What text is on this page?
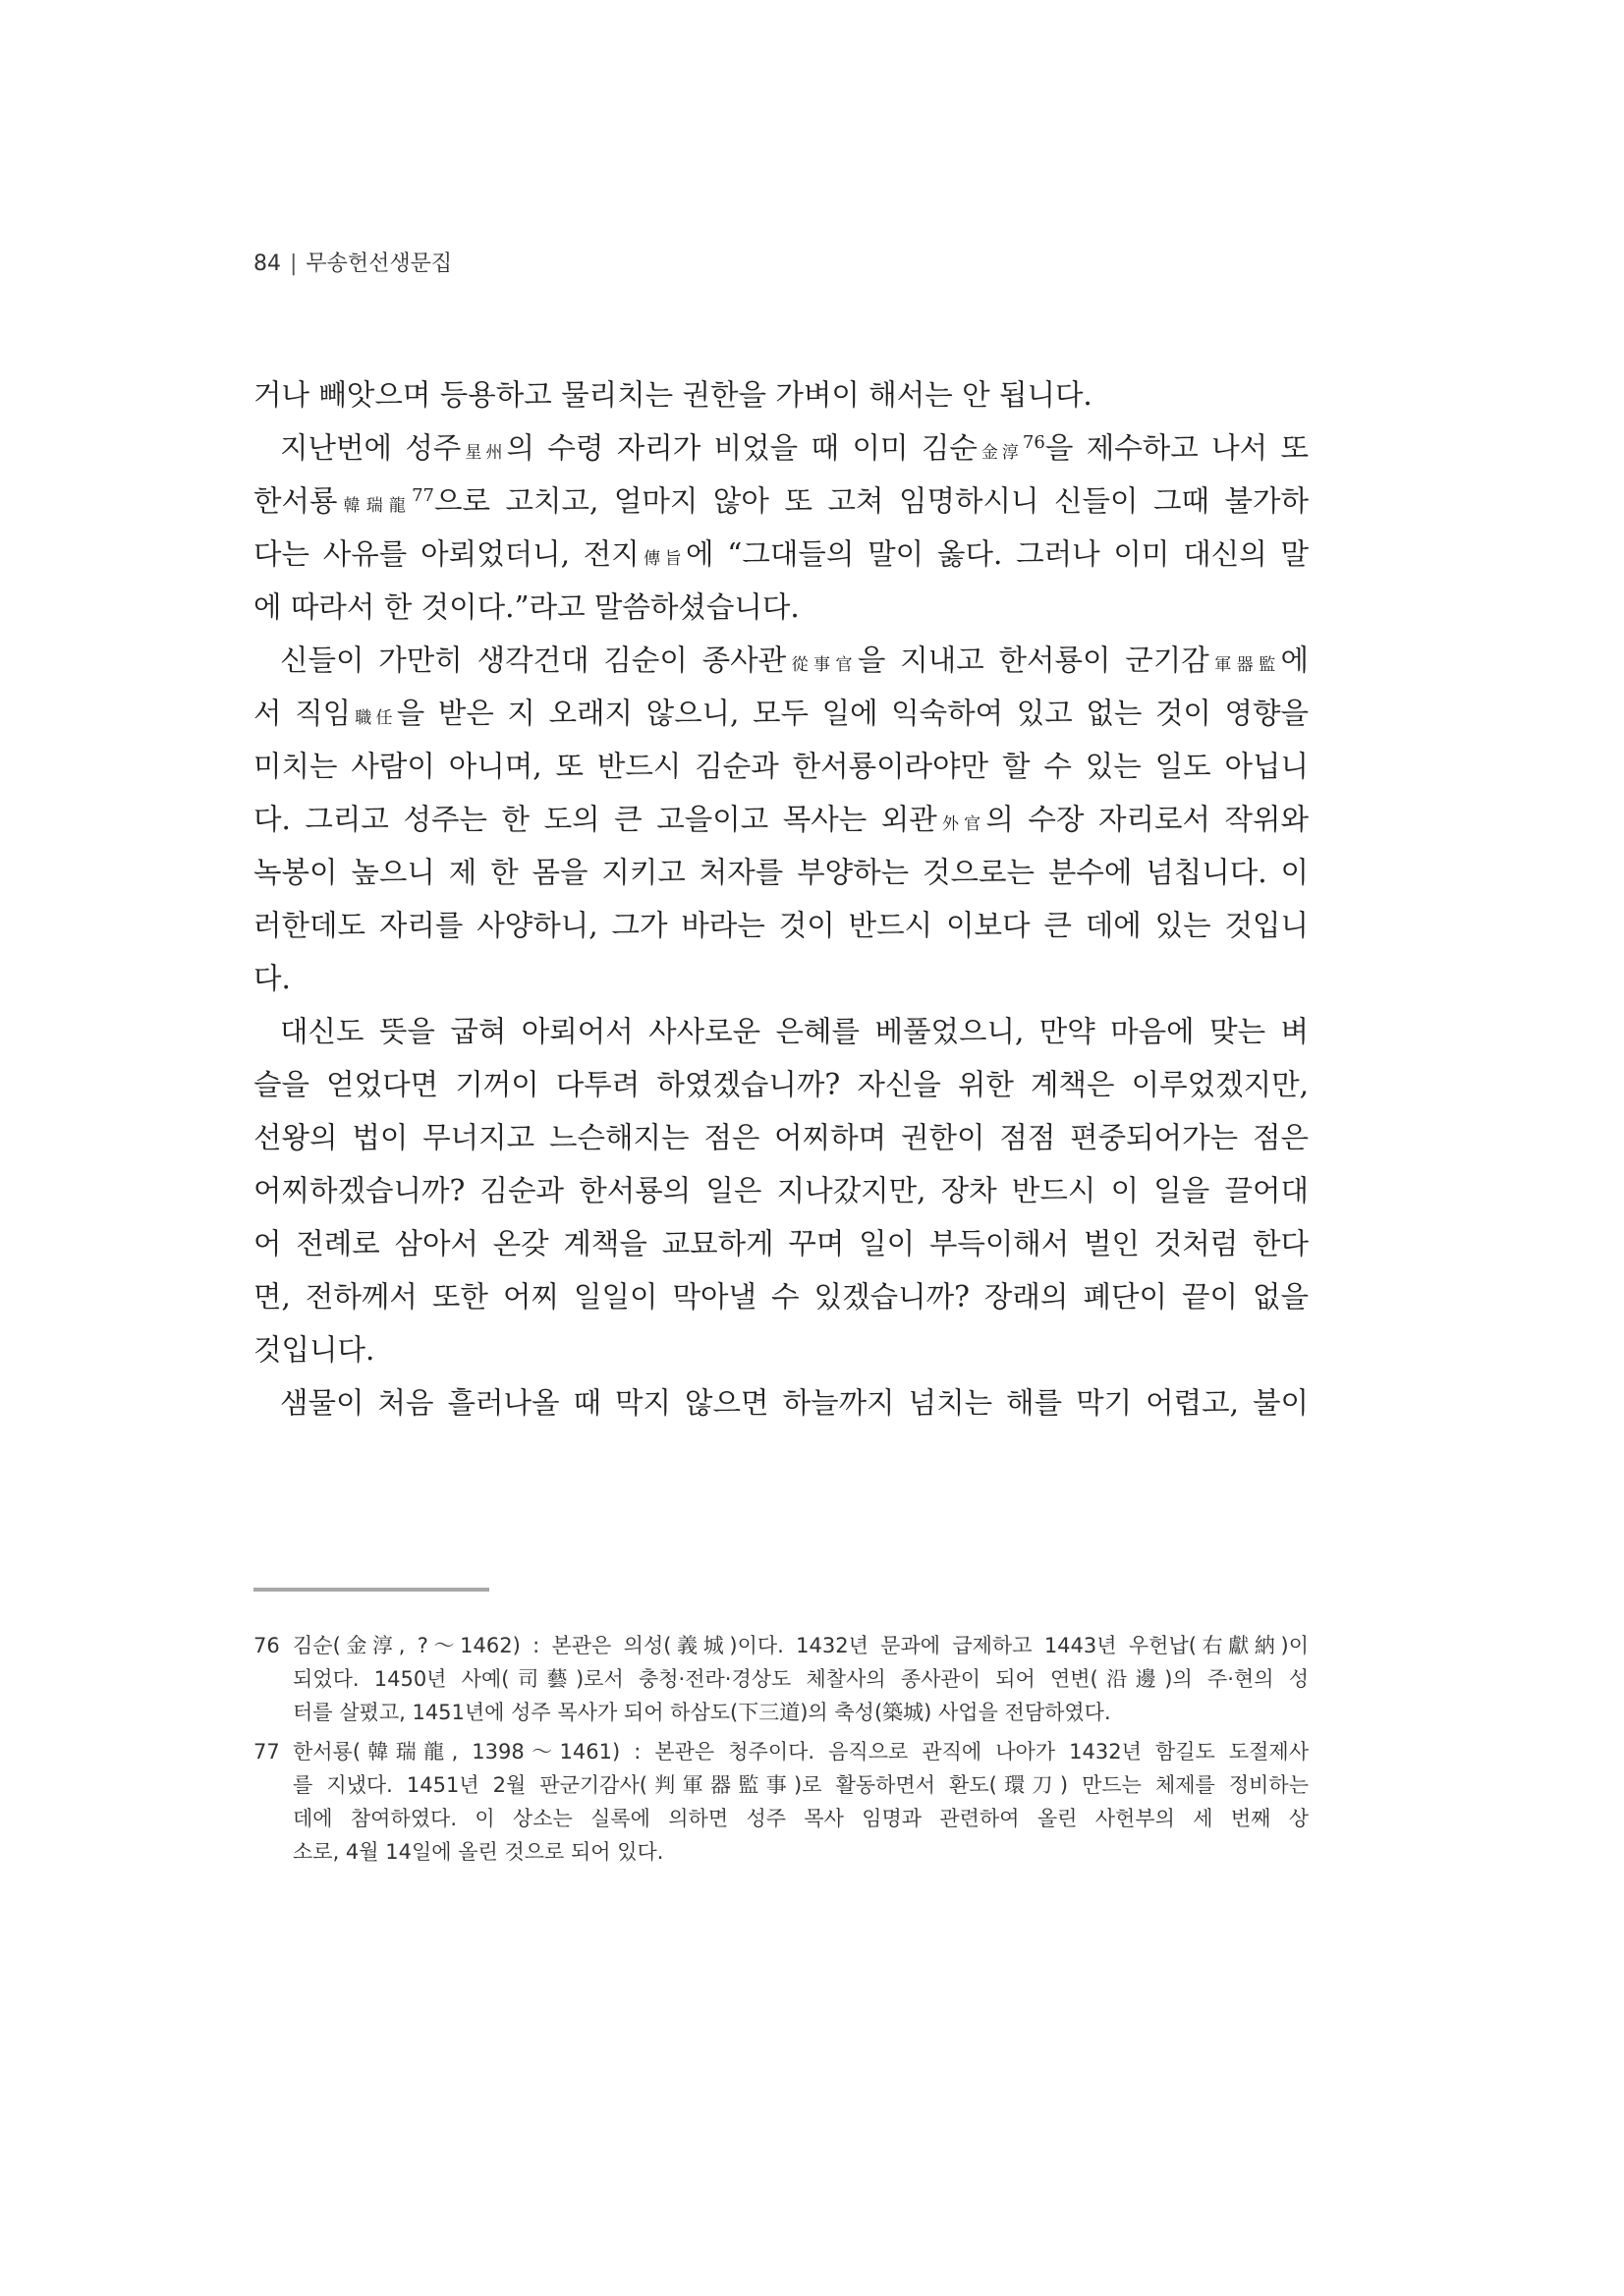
84 | 무송헌선생문집
거나 빼앗으며 등용하고 물리치는 권한을 가벼이 해서는 안 됩니다.
지난번에 성주星州의 수령 자리가 비었을 때 이미 김순金淳$^{76}$을 제수하고 나서 또
한서룡韓瑞龍$^{77}$으로 고치고, 얼마지 않아 또 고쳐 임명하시니 신들이 그때 불가하
다는 사유를 아뢰었더니, 전지傳旨에 “그대들의 말이 옳다. 그러나 이미 대신의 말
에 따라서 한 것이다.”라고 말씀하셨습니다.
신들이 가만히 생각건대 김순이 종사관從事官을 지내고 한서룡이 군기감軍器監에
서 직임職任을 받은 지 오래지 않으니, 모두 일에 익숙하여 있고 없는 것이 영향을
미치는 사람이 아니며, 또 반드시 김순과 한서룡이라야만 할 수 있는 일도 아닙니
다. 그리고 성주는 한 도의 큰 고을이고 목사는 외관外官의 수장 자리로서 작위와
녹봉이 높으니 제 한 몸을 지키고 처자를 부양하는 것으로는 분수에 넘칩니다. 이
러한데도 자리를 사양하니, 그가 바라는 것이 반드시 이보다 큰 데에 있는 것입니
다.
대신도 뜻을 굽혀 아뢰어서 사사로운 은혜를 베풀었으니, 만약 마음에 맞는 벼
슬을 얻었다면 기꺼이 다투려 하였겠습니까? 자신을 위한 계책은 이루었겠지만,
선왕의 법이 무너지고 느슨해지는 점은 어찌하며 권한이 점점 편중되어가는 점은
어찌하겠습니까? 김순과 한서룡의 일은 지나갔지만, 장차 반드시 이 일을 끌어대
어 전례로 삼아서 온갖 계책을 교묘하게 꾸며 일이 부득이해서 벌인 것처럼 한다
면, 전하께서 또한 어찌 일일이 막아낼 수 있겠습니까? 장래의 폐단이 끝이 없을
것입니다.
샘물이 처음 흘러나올 때 막지 않으면 하늘까지 넘치는 해를 막기 어렵고, 불이
76 김순(金淳, ?～1462) : 본관은 의성(義城)이다. 1432년 문과에 급제하고 1443년 우헌납(右獻納)이
되었다. 1450년 사예(司藝)로서 충청·전라·경상도 체찰사의 종사관이 되어 연변(沿邊)의 주·현의 성
터를 살폈고, 1451년에 성주 목사가 되어 하삼도(下三道)의 축성(築城) 사업을 전담하였다.
77 한서룡(韓瑞龍, 1398～1461) : 본관은 청주이다. 음직으로 관직에 나아가 1432년 함길도 도절제사
를 지냈다. 1451년 2월 판군기감사(判軍器監事)로 활동하면서 환도(環刀) 만드는 체제를 정비하는
데에 참여하였다. 이 상소는 실록에 의하면 성주 목사 임명과 관련하여 올린 사헌부의 세 번째 상
소로, 4월 14일에 올린 것으로 되어 있다.
